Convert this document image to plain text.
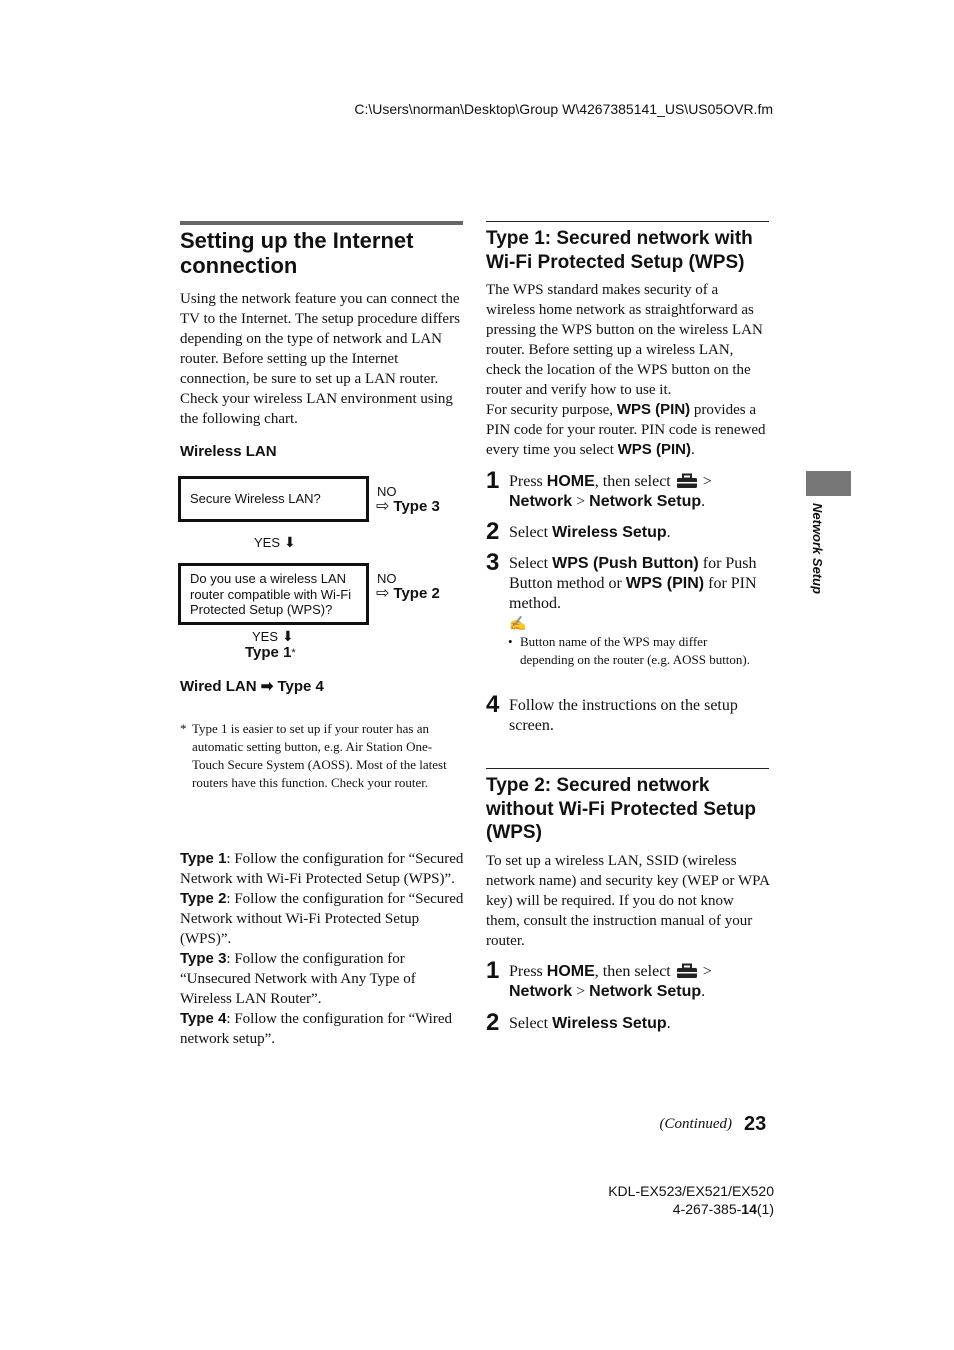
C:\Users\norman\Desktop\Group W\4267385141_US\US05OVR.fm
Setting up the Internet connection
Using the network feature you can connect the TV to the Internet. The setup procedure differs depending on the type of network and LAN router. Before setting up the Internet connection, be sure to set up a LAN router. Check your wireless LAN environment using the following chart.
Wireless LAN
Secure Wireless LAN?	NO
⇨ Type 3
YES ⬇
Do you use a wireless LAN router compatible with Wi-Fi Protected Setup (WPS)?
NO
⇨ Type 2
YES ⬇
Type 1*
Wired LAN ➡ Type 4
* Type 1 is easier to set up if your router has an automatic setting button, e.g. Air Station One-Touch Secure System (AOSS). Most of the latest routers have this function. Check your router.
Type 1: Follow the configuration for “Secured Network with Wi-Fi Protected Setup (WPS)”.
Type 2: Follow the configuration for “Secured Network without Wi-Fi Protected Setup (WPS)”.
Type 3: Follow the configuration for “Unsecured Network with Any Type of Wireless LAN Router”.
Type 4: Follow the configuration for “Wired network setup”.
Type 1: Secured network with Wi-Fi Protected Setup (WPS)
The WPS standard makes security of a wireless home network as straightforward as pressing the WPS button on the wireless LAN router. Before setting up a wireless LAN, check the location of the WPS button on the router and verify how to use it.
For security purpose, WPS (PIN) provides a PIN code for your router. PIN code is renewed every time you select WPS (PIN).
1 Press HOME, then select  > Network > Network Setup.
2 Select Wireless Setup.
3 Select WPS (Push Button) for Push Button method or WPS (PIN) for PIN method.
✍
• Button name of the WPS may differ depending on the router (e.g. AOSS button).
4 Follow the instructions on the setup screen.
Type 2: Secured network without Wi-Fi Protected Setup (WPS)
To set up a wireless LAN, SSID (wireless network name) and security key (WEP or WPA key) will be required. If you do not know them, consult the instruction manual of your router.
1 Press HOME, then select  > Network > Network Setup.
2 Select Wireless Setup.
Network Setup
(Continued) 23
KDL-EX523/EX521/EX520
4-267-385-14(1)
